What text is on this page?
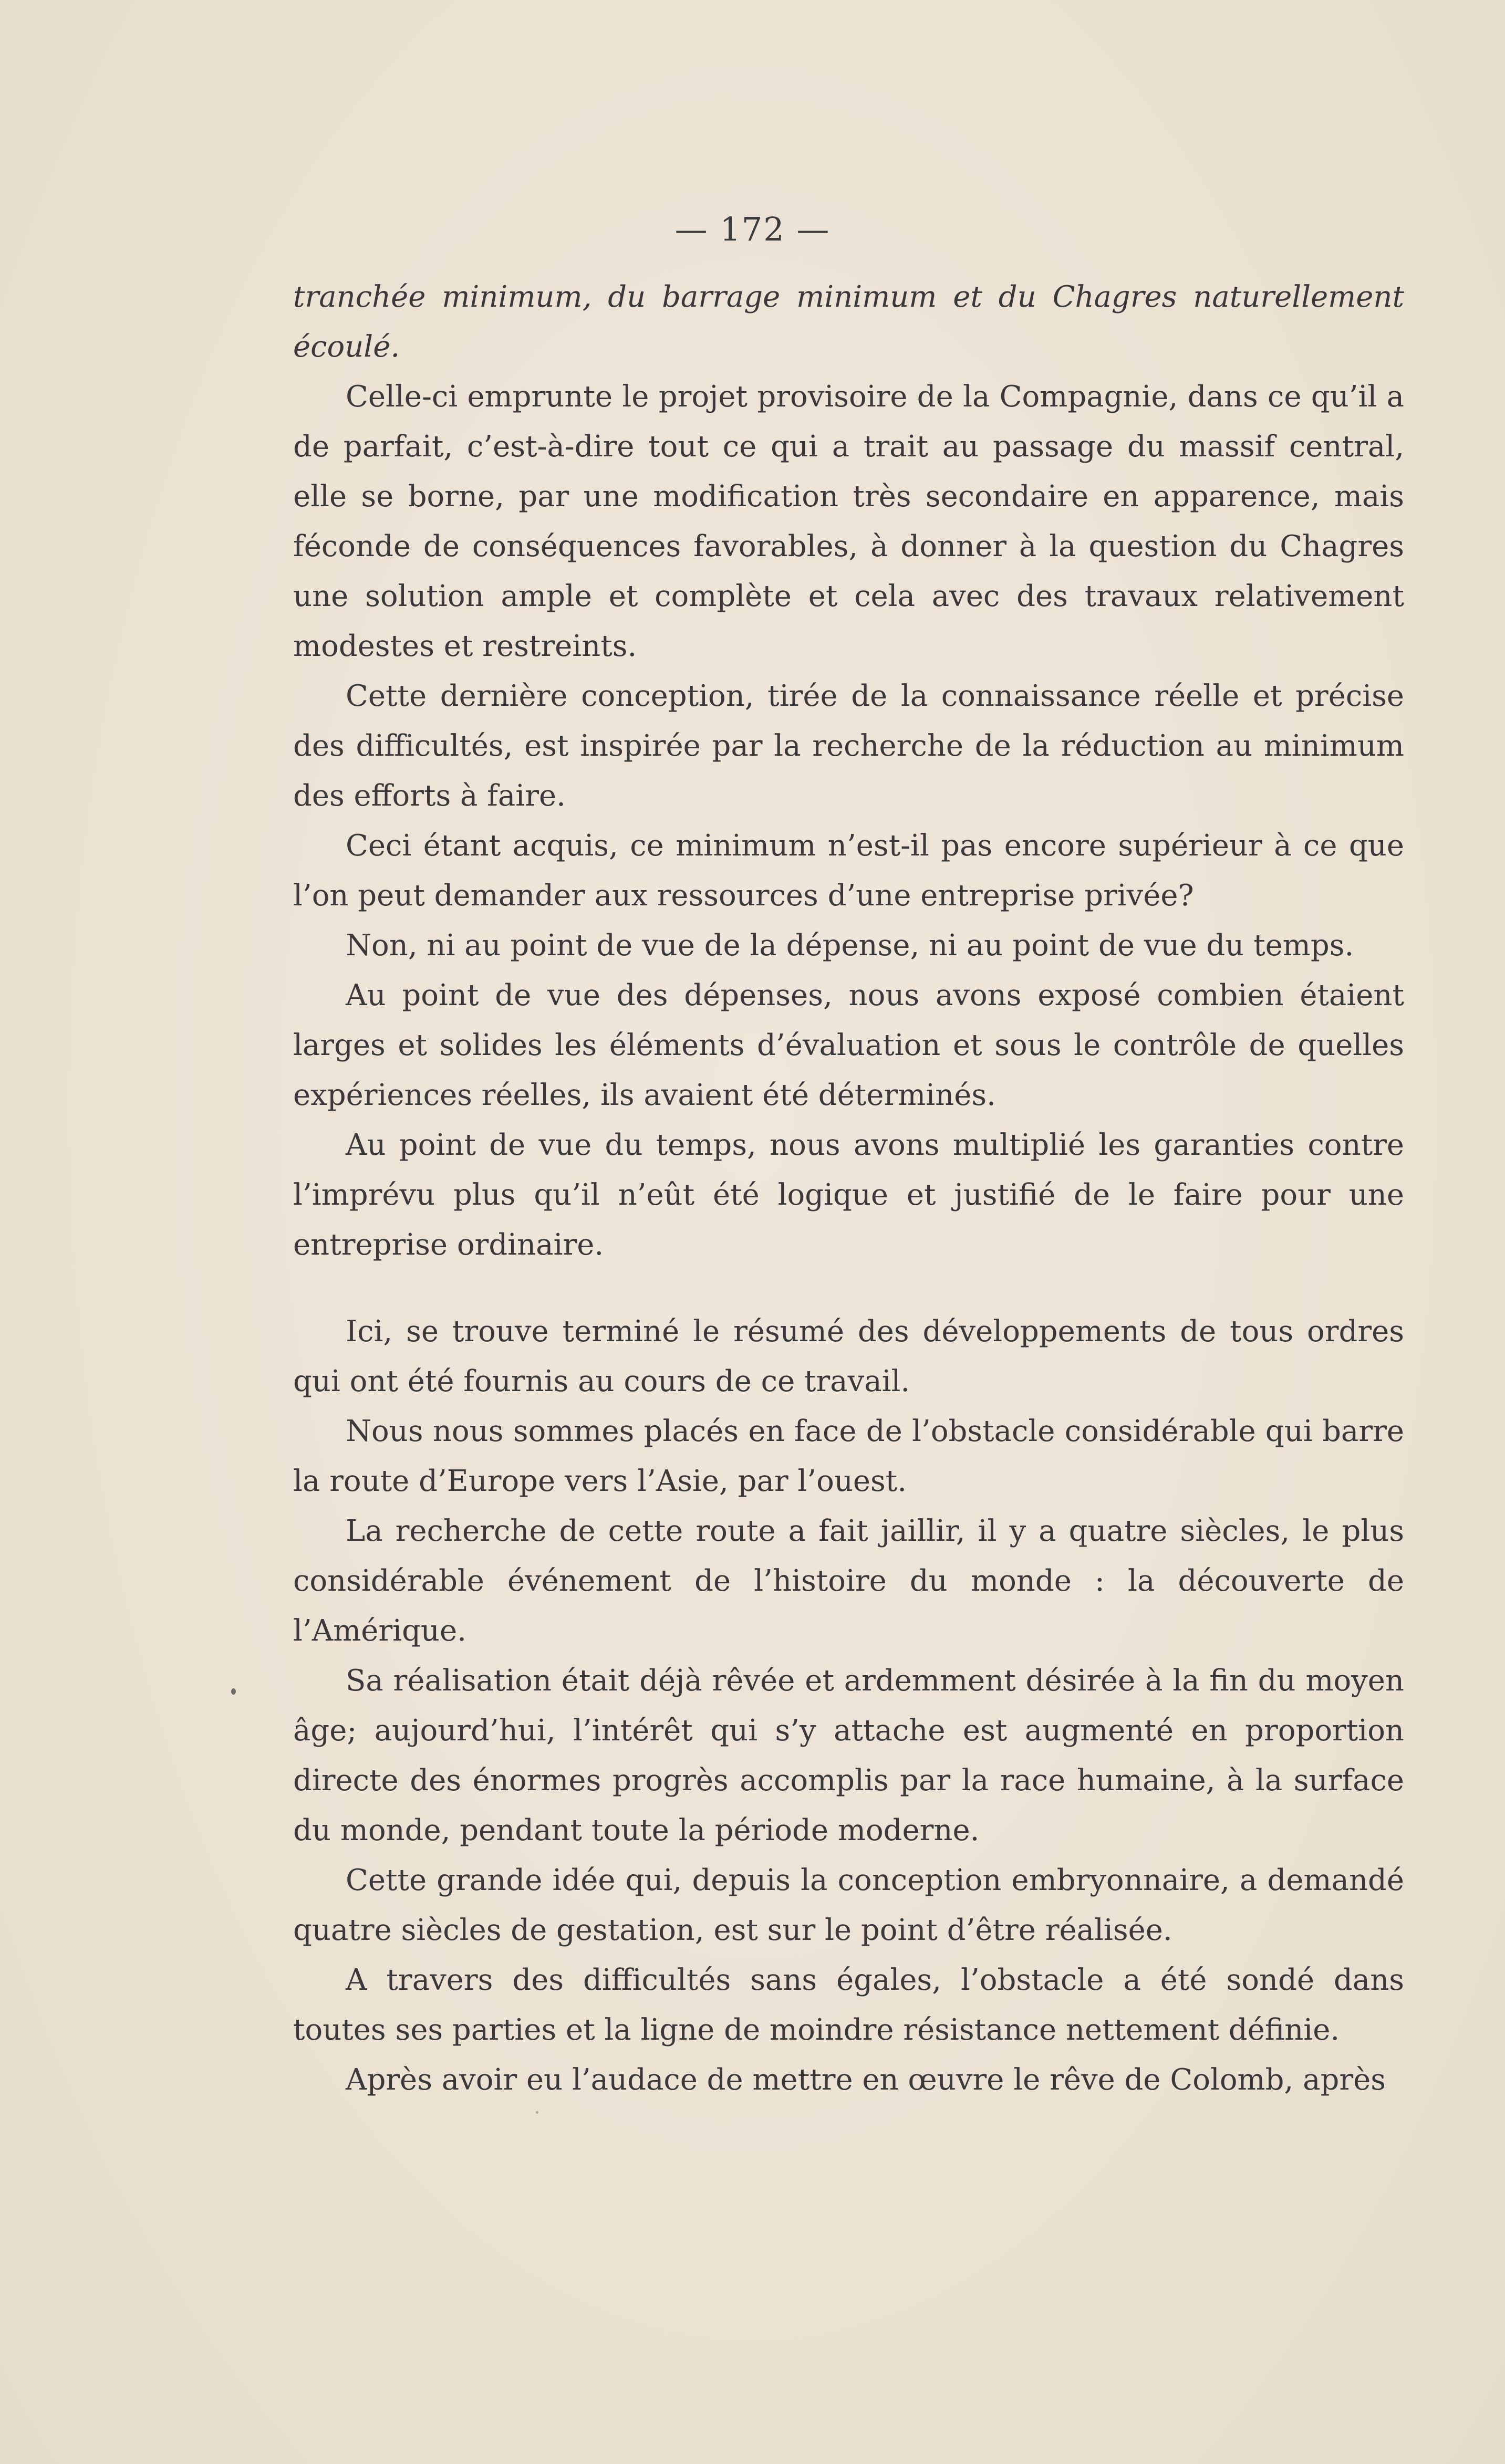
— 172 —

tranchée minimum, du barrage minimum et du Chagres naturellement écoulé.

Celle-ci emprunte le projet provisoire de la Compagnie, dans ce qu’il a de parfait, c’est-à-dire tout ce qui a trait au passage du massif central, elle se borne, par une modification très secondaire en apparence, mais féconde de conséquences favorables, à donner à la question du Chagres une solution ample et complète et cela avec des travaux relativement modestes et restreints.

Cette dernière conception, tirée de la connaissance réelle et précise des difficultés, est inspirée par la recherche de la réduction au minimum des efforts à faire.

Ceci étant acquis, ce minimum n’est-il pas encore supérieur à ce que l’on peut demander aux ressources d’une entreprise privée?

Non, ni au point de vue de la dépense, ni au point de vue du temps.

Au point de vue des dépenses, nous avons exposé combien étaient larges et solides les éléments d’évaluation et sous le contrôle de quelles expériences réelles, ils avaient été déterminés.

Au point de vue du temps, nous avons multiplié les garanties contre l’imprévu plus qu’il n’eût été logique et justifié de le faire pour une entreprise ordinaire.

Ici, se trouve terminé le résumé des développements de tous ordres qui ont été fournis au cours de ce travail.

Nous nous sommes placés en face de l’obstacle considérable qui barre la route d’Europe vers l’Asie, par l’ouest.

La recherche de cette route a fait jaillir, il y a quatre siècles, le plus considérable événement de l’histoire du monde : la découverte de l’Amérique.

Sa réalisation était déjà rêvée et ardemment désirée à la fin du moyen âge; aujourd’hui, l’intérêt qui s’y attache est augmenté en proportion directe des énormes progrès accomplis par la race humaine, à la surface du monde, pendant toute la période moderne.

Cette grande idée qui, depuis la conception embryonnaire, a demandé quatre siècles de gestation, est sur le point d’être réalisée.

A travers des difficultés sans égales, l’obstacle a été sondé dans toutes ses parties et la ligne de moindre résistance nettement définie.

Après avoir eu l’audace de mettre en œuvre le rêve de Colomb, après
